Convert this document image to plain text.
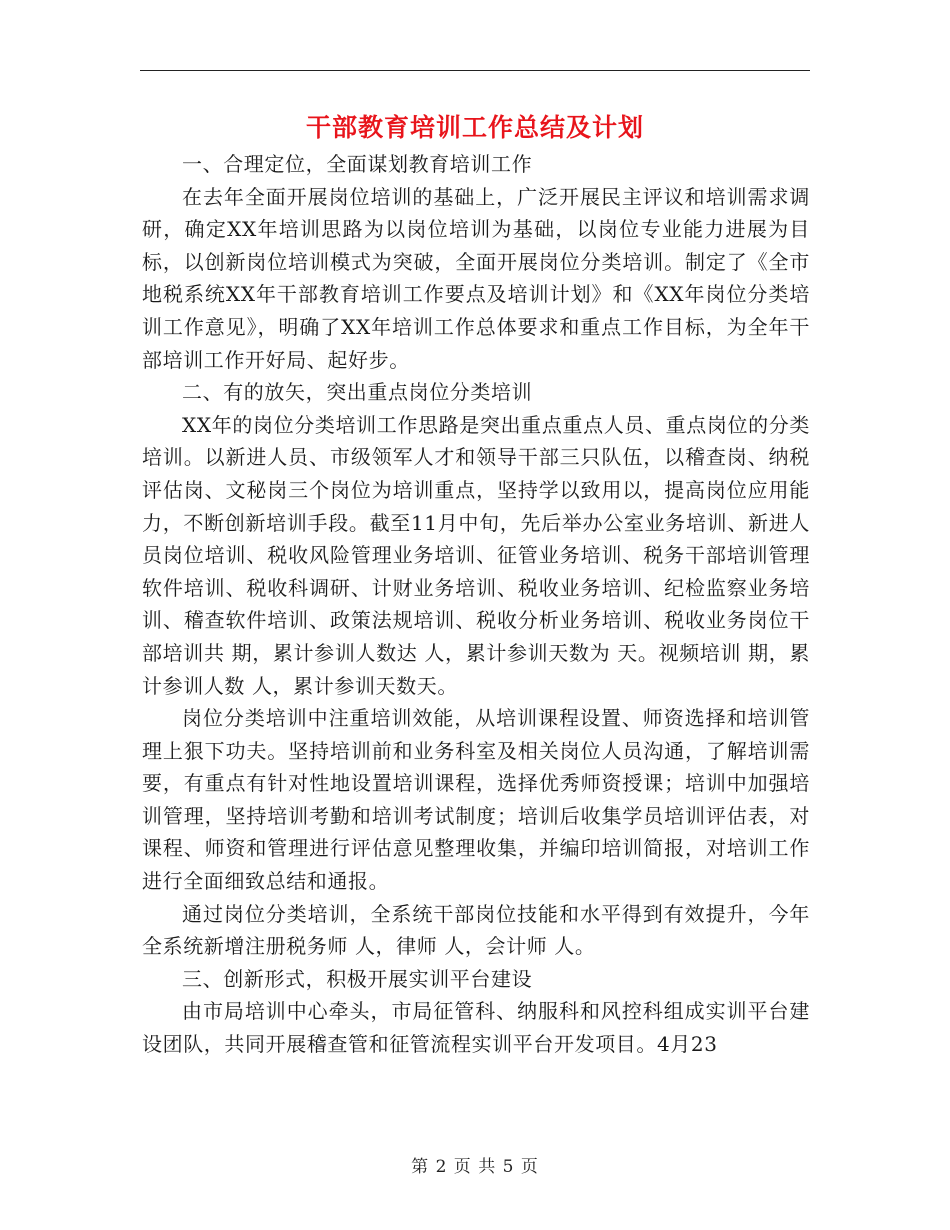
干部教育培训工作总结及计划

一、合理定位，全面谋划教育培训工作

在去年全面开展岗位培训的基础上，广泛开展民主评议和培训需求调研，确定XX年培训思路为以岗位培训为基础，以岗位专业能力进展为目标，以创新岗位培训模式为突破，全面开展岗位分类培训。制定了《全市地税系统XX年干部教育培训工作要点及培训计划》和《XX年岗位分类培训工作意见》，明确了XX年培训工作总体要求和重点工作目标，为全年干部培训工作开好局、起好步。

二、有的放矢，突出重点岗位分类培训

XX年的岗位分类培训工作思路是突出重点重点人员、重点岗位的分类培训。以新进人员、市级领军人才和领导干部三只队伍，以稽查岗、纳税评估岗、文秘岗三个岗位为培训重点，坚持学以致用以，提高岗位应用能力，不断创新培训手段。截至11月中旬，先后举办公室业务培训、新进人员岗位培训、税收风险管理业务培训、征管业务培训、税务干部培训管理软件培训、税收科调研、计财业务培训、税收业务培训、纪检监察业务培训、稽查软件培训、政策法规培训、税收分析业务培训、税收业务岗位干部培训共 期，累计参训人数达 人，累计参训天数为 天。视频培训 期，累计参训人数 人，累计参训天数天。

岗位分类培训中注重培训效能，从培训课程设置、师资选择和培训管理上狠下功夫。坚持培训前和业务科室及相关岗位人员沟通，了解培训需要，有重点有针对性地设置培训课程，选择优秀师资授课；培训中加强培训管理，坚持培训考勤和培训考试制度；培训后收集学员培训评估表，对课程、师资和管理进行评估意见整理收集，并编印培训简报，对培训工作进行全面细致总结和通报。

通过岗位分类培训，全系统干部岗位技能和水平得到有效提升，今年全系统新增注册税务师 人，律师 人，会计师 人。

三、创新形式，积极开展实训平台建设

由市局培训中心牵头，市局征管科、纳服科和风控科组成实训平台建设团队，共同开展稽查管和征管流程实训平台开发项目。4月23

第 2 页 共 5 页
